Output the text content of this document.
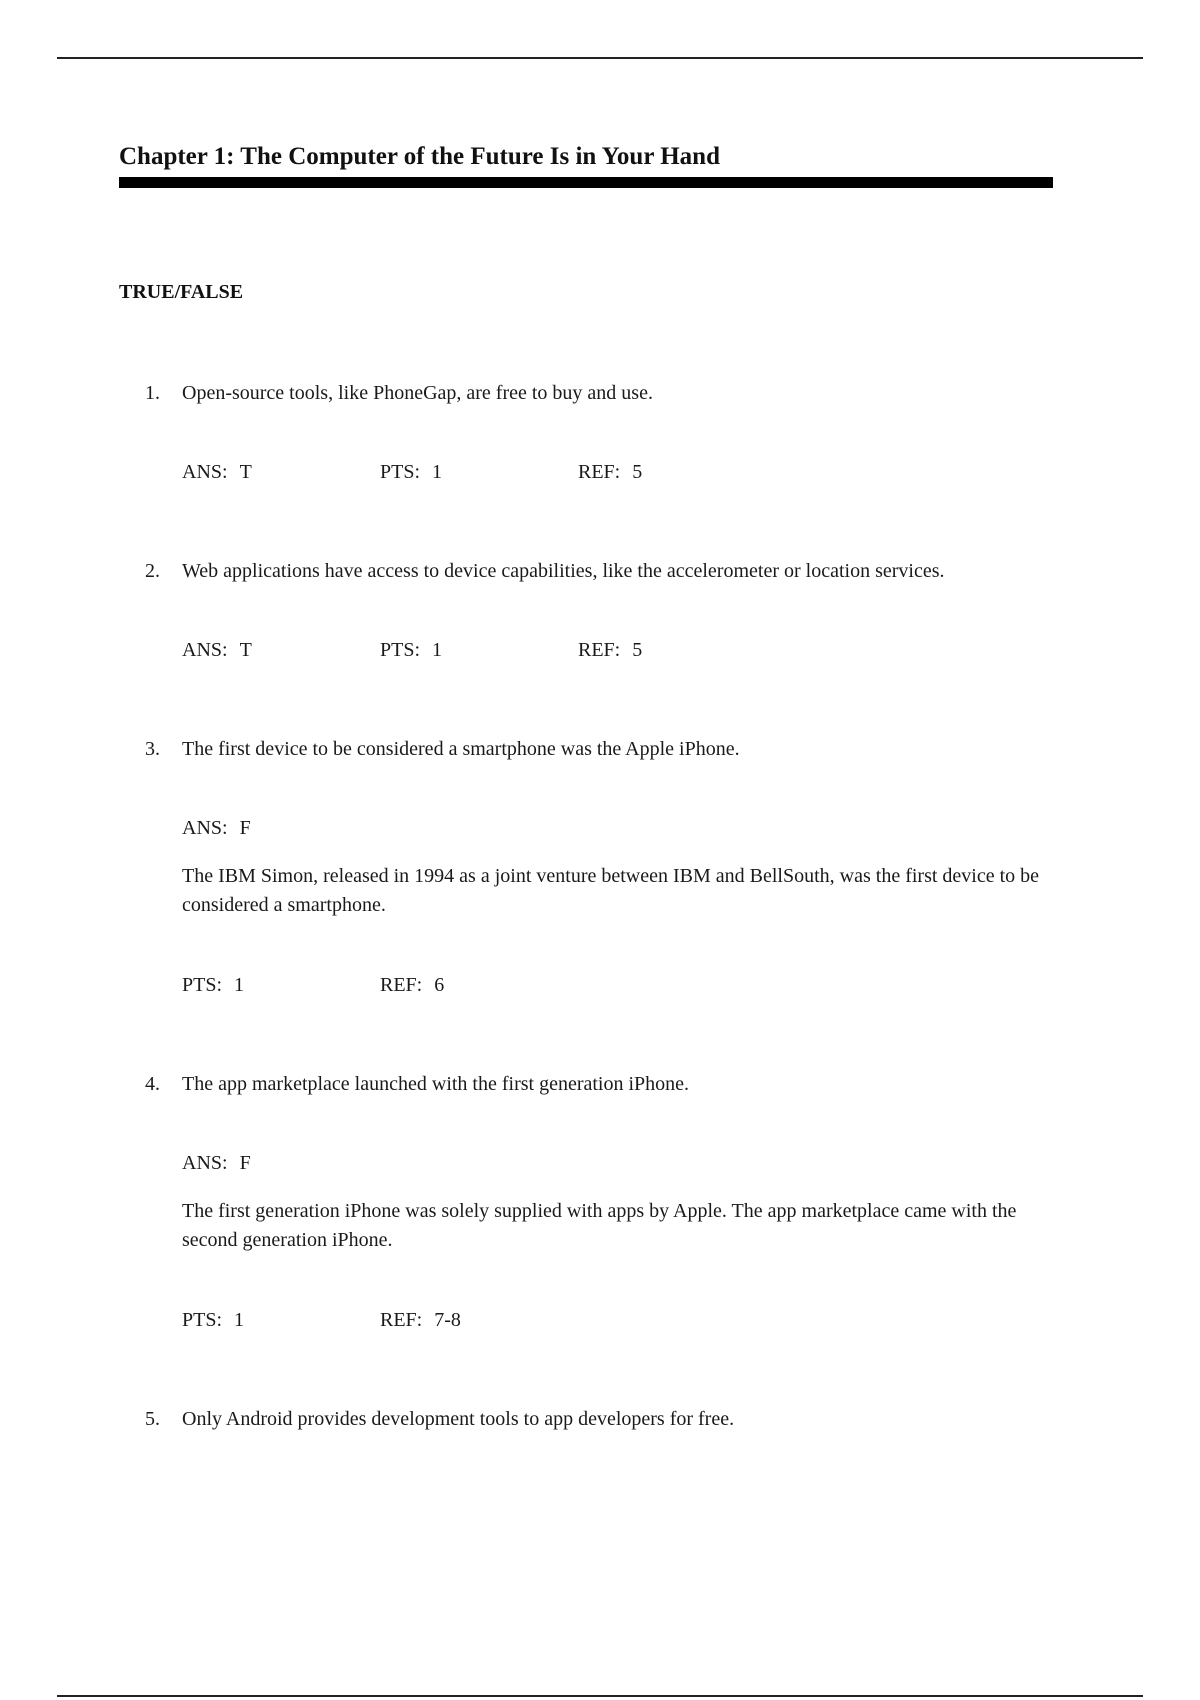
Chapter 1: The Computer of the Future Is in Your Hand
TRUE/FALSE
1. Open-source tools, like PhoneGap, are free to buy and use.
ANS: T	PTS: 1	REF: 5
2. Web applications have access to device capabilities, like the accelerometer or location services.
ANS: T	PTS: 1	REF: 5
3. The first device to be considered a smartphone was the Apple iPhone.
ANS: F
The IBM Simon, released in 1994 as a joint venture between IBM and BellSouth, was the first device to be considered a smartphone.
PTS: 1	REF: 6
4. The app marketplace launched with the first generation iPhone.
ANS: F
The first generation iPhone was solely supplied with apps by Apple. The app marketplace came with the second generation iPhone.
PTS: 1	REF: 7-8
5. Only Android provides development tools to app developers for free.
